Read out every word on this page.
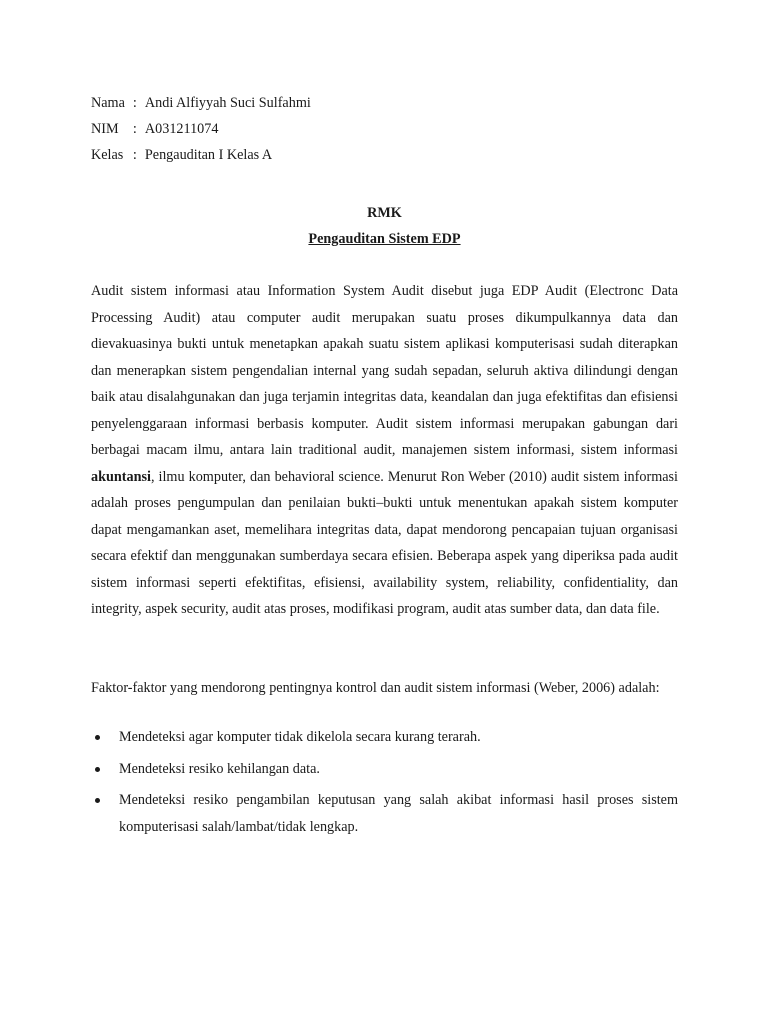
Nama	:	Andi Alfiyyah Suci Sulfahmi
NIM	:	A031211074
Kelas	:	Pengauditan I Kelas A
RMK
Pengauditan Sistem EDP

Audit sistem informasi atau Information System Audit disebut juga EDP Audit (Electronc Data Processing Audit) atau computer audit merupakan suatu proses dikumpulkannya data dan dievakuasinya bukti untuk menetapkan apakah suatu sistem aplikasi komputerisasi sudah diterapkan dan menerapkan sistem pengendalian internal yang sudah sepadan, seluruh aktiva dilindungi dengan baik atau disalahgunakan dan juga terjamin integritas data, keandalan dan juga efektifitas dan efisiensi penyelenggaraan informasi berbasis komputer. Audit sistem informasi merupakan gabungan dari berbagai macam ilmu, antara lain traditional audit, manajemen sistem informasi, sistem informasi akuntansi, ilmu komputer, dan behavioral science. Menurut Ron Weber (2010) audit sistem informasi adalah proses pengumpulan dan penilaian bukti–bukti untuk menentukan apakah sistem komputer dapat mengamankan aset, memelihara integritas data, dapat mendorong pencapaian tujuan organisasi secara efektif dan menggunakan sumberdaya secara efisien. Beberapa aspek yang diperiksa pada audit sistem informasi seperti efektifitas, efisiensi, availability system, reliability, confidentiality, dan integrity, aspek security, audit atas proses, modifikasi program, audit atas sumber data, dan data file.

Faktor-faktor yang mendorong pentingnya kontrol dan audit sistem informasi (Weber, 2006) adalah:

Mendeteksi agar komputer tidak dikelola secara kurang terarah.
Mendeteksi resiko kehilangan data.
Mendeteksi resiko pengambilan keputusan yang salah akibat informasi hasil proses sistem komputerisasi salah/lambat/tidak lengkap.
